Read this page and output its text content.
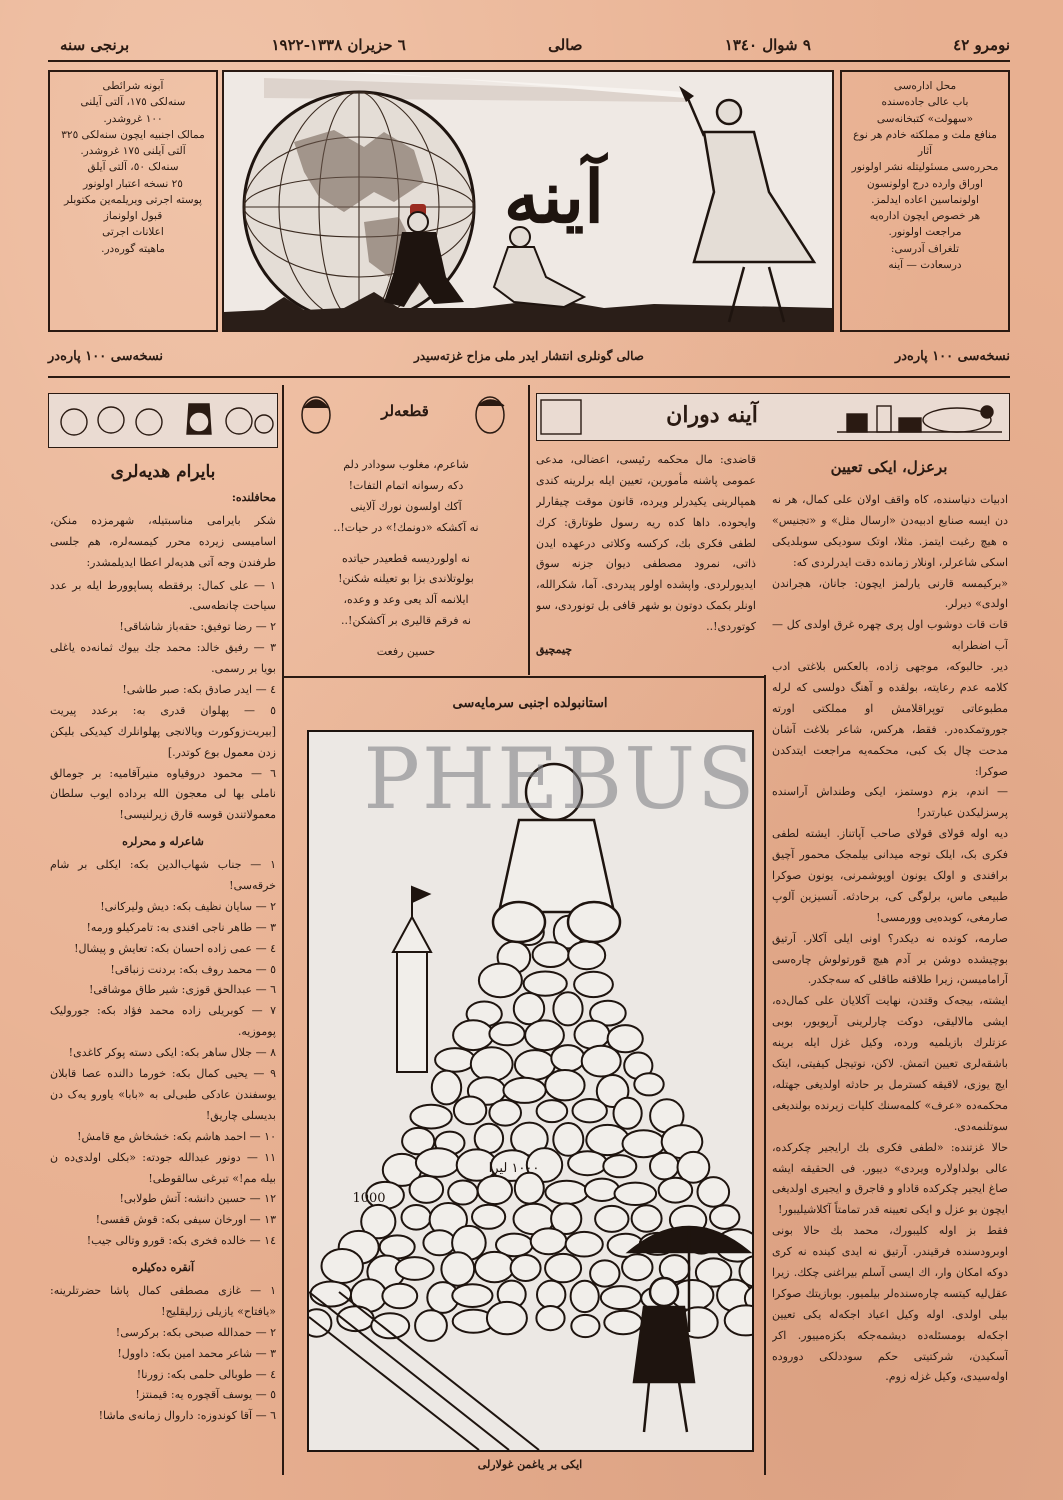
نومرو ٤٢
٩ شوال ١٣٤٠
صالی
٦ حزیران ١٣٣٨-١٩٢٢
برنجی سنه

آبونه شرائطی

سنه‌لکی ١٧٥، آلتی آیلنی

١٠٠ غروشدر.

ممالک اجنبیه ایچون سنه‌لکی ٣٢٥

آلتی آیلنی ١٧٥ غروشدر.

سنه‌لک ٥٠، آلتی آیلق

٢٥ نسخه اعتبار اولونور

پوسته اجرتی ویریلمه‌ین مکتوبلر

قبول اولونماز

اعلانات اجرتی

ماهیته گوره‌در.

آینه

محل اداره‌سی

باب عالی جاده‌سنده

«سهولت» کتبخانه‌سی

منافع ملت و مملکته خادم هر نوع آثار

محرره‌سی مسئولیتله نشر اولونور

اوراق وارده درج اولونسون

اولونماسین اعاده ایدلمز.

هر خصوص ایچون اداره‌یه

مراجعت اولونور.

تلغراف آدرسی:

درسعادت — آینه

نسخه‌سی ١٠٠ پاره‌در
صالی گونلری انتشار ایدر ملی مزاح غزته‌سیدر
نسخه‌سی ١٠٠ پاره‌در
بایرام هدیه‌لری

محافلنده:

شکر بایرامی مناسبتیله، شهرمزده منکن، اسامیسی زیرده محرر کیمسه‌لره، هم جلسی طرفندن وجه آتی هدیه‌لر اعطا ایدیلمشدر:

١ — علی کمال: برفقطه پساپوورط ایله بر عدد سیاحت چانطه‌سی.

٢ — رضا توفیق: حقه‌باز شاشاقی!

٣ — رفیق خالد: محمد جك بیوك ثمانه‌ده یاغلی بویا بر رسمی.

٤ — ایدر صادق بکه: صبر طاشی!

٥ — پهلوان قدری به: برعدد پیریت [بیریت‌زوکورت ویالانجی پهلوانلرك كیدیکی بلیکن زدن معمول بوع کوتدر.]

٦ — محمود دروقیاوه منیرآقامیه: بر جومالق ناملی بها لی معجون الله برداده ایوب سلطان معمولاتندن قوسه قارق زیرلنیسی!

شاعرله و محرلره

١ — جناب شهاب‌الدین بکه: ایکلی بر شام خرقه‌سی!

٢ — سایان نظیف بکه: دیش ولیرکانی!

٣ — طاهر ناجی افندی به: تامرکیلو ورمه!

٤ — عمی زاده احسان بکه: تعایش و پیشال!

٥ — محمد روف بکه: بردنت زنباقی!

٦ — عبدالحق قوزی: شیر طاق موشاقی!

٧ — کوبریلی زاده محمد فؤاد بکه: جورولیک پوموزیه.

٨ — جلال ساهر بکه: ایکی دسته پوکر کاغدی!

٩ — یحیی کمال بکه: خورما دالنده عصا قابلان یوسفندن عادکی طبی‌لی به «بابا» یاورو یه‌ک دن بدیسلی چاریق!

١٠ — احمد هاشم بکه: خشخاش مع قامش!

١١ — دونور عبدالله جودته: «بکلی اولدی‌ده ن بیله مم!» تبرغی سالقوطی!

١٢ — حسین دانشه: آتش طولابی!

١٣ — اورخان سیفی بکه: قوش قفسی!

١٤ — خالده فخری بکه: قورو وتالی جیب!

آنقره ده‌کیلره

١ — غازی مصطفی کمال پاشا حضرتلرینه: «یافتاح» یازیلی زرلیقلیج!

٢ — حمدالله صبحی بکه: برکرسی!

٣ — شاعر محمد امین بکه: داوول!

٤ — طوبالی حلمی بکه: زورنا!

٥ — یوسف آقچوره یه: قیمنتز!

٦ — آقا کوندوزه: داروال زمانه‌ی ماشا!

قطعه‌لر

شاعرم، مغلوب سودادر دلم

دکه رسوانه اتمام التفات!

آکك اولسون نورك آلاینی

نه آکشکه «دونمك!» در حیات!..

نه اولوردیسه قطعیدر حیاتده

بولوتلاندی بزا بو تعیلنه شکنن!

ایلانمه آلد یعی وعد و وعده‌،

نه فرقم قالیری بر آکشکن!..

حسین رفعت

قاضدی: مال محکمه رئیسی، اعضالی، مدعی عمومی پاشنه مأمورین، تعیین ایله برلرینه کندی همپالرینی یکیدرلر ویرده، قانون موقت چیقارلر وایحوده. داها کده ریه رسول طوتارق: کرك لطفی فکری بك، کرکسه وکلاتی درعهده ایدن ذاتی، نمرود مصطفی دیوان جزنه سوق ایدیورلردی. واپشده اولور پیدردی. آما، شکرالله، اونلر بکمک دوتون بو شهر قافی بل تونوردی، سو کوتوردی!..

چیمچیق

آینه دوران
برعزل، ایکی تعیین

ادبیات دنیاسنده، کاه واقف اولان علی کمال، هر نه دن ایسه صنایع ادبیه‌دن «ارسال مثل» و «تجنیس» ه هیچ رغبت ایتمز. مثلا، اوتک سودیکی سوبلدیکی اسکی شاعرلر، اونلار زمانده دقت ایدرلردی که:

«برکیمسه قارنی یارلمز ایچون: جانان، هجراندن اولدی» دیرلر.

قات قات دوشوب اول پری چهره غرق اولدی کل — آب اضطرابه

دیر. حالبوکه، موجهی زاده، بالعکس بلاغتی ادب کلامه عدم رعایته، بولقده و آهنگ دولسی که لرله مطبوعاتی توپراقلامش او مملکتی اورته جوروتمکده‌در. فقط، هرکس، شاعر بلاغت آشان مدحت چال بک کبی، محکمه‌یه مراجعت ایتدکدن صوکرا:

— اندم، بزم دوستمز، ایکی وطنداش آراسنده پرسزلیکدن عبارتدر!

دیه اوله قولای قولای صاحب آپاتناز. ایشته لطفی فکری بک، ایلک توجه میدانی بیلمجک محمور آچیق برافندی و اولک یونون اوپوشمرنی، یونون صوکرا طبیعی ماس، برلوگی کی، برحادثه. آنسیزین آلوپ صارمغی، کوبده‌یی وورمسی!

صارمه، کونده نه دیکدر؟ اونی ایلی آکلار. آرتیق بوچیشده دوشن بر آدم هیچ قورتولوش چاره‌سی آرامامیسن، زیرا طلاقنه طاقلی که سه‌جکدر.

ایشته، بیجه‌ک وقتدن، نهایت آکلایان علی کمال‌ده، ایشی مالالیقی، دوکت چارلرینی آرپویور، بوبی عزتلرك بازیلمیه ورده، وکیل غزل ایله برینه باشقه‌لری تعیین اتمش. لاکن، نو‌تیجل کیفیتی، ایتک ایچ یوزی، لاقیقه کسترمل بر حادثه اولدیغی جهتله، محکمه‌ده «عرف» کلمه‌سنك کلیات زیرنده بولندیغی سوتلنمه‌دی.

حالا غزتنده: «لطفی فکری بك ارایجیر چکرکده، عالی بولداولاره ویردی» دییور. فی الحقیقه ایشه صاغ ایجیر چکرکده قاداو و قاجرق و ایجیری اولدیغی ایچون بو عزل و ایکی تعیینه قدر تمامتاً آکلاشیلیبور!

فقط بز اوله کلیبورك، محمد بك حالا بونی اوبرودسنده فرقیندر. آرتیق نه ایدی کینده نه کری دوکه امکان وار، اك ایسی آسلم بیراغنی چکك. زیرا عقل‌لیه کیتسه چاره‌سنده‌لر بیلمیور. بوبازیتك صوکرا بیلی اولدی. اوله وکیل اعیاد اجکه‌له یکی تعیین اجکه‌له بومسئله‌ده دیشمه‌جکه بکزه‌مییور. اکر آسکیدن، شرکتیتی حکم سوددلکی دوروده اوله‌سیدی، وکیل غزله زوم.

استانبولده اجنبی سرمایه‌سی
١٠٠٠ لیرا
1000
ایکی بر یاغمن غولارلی
PHEBUS
